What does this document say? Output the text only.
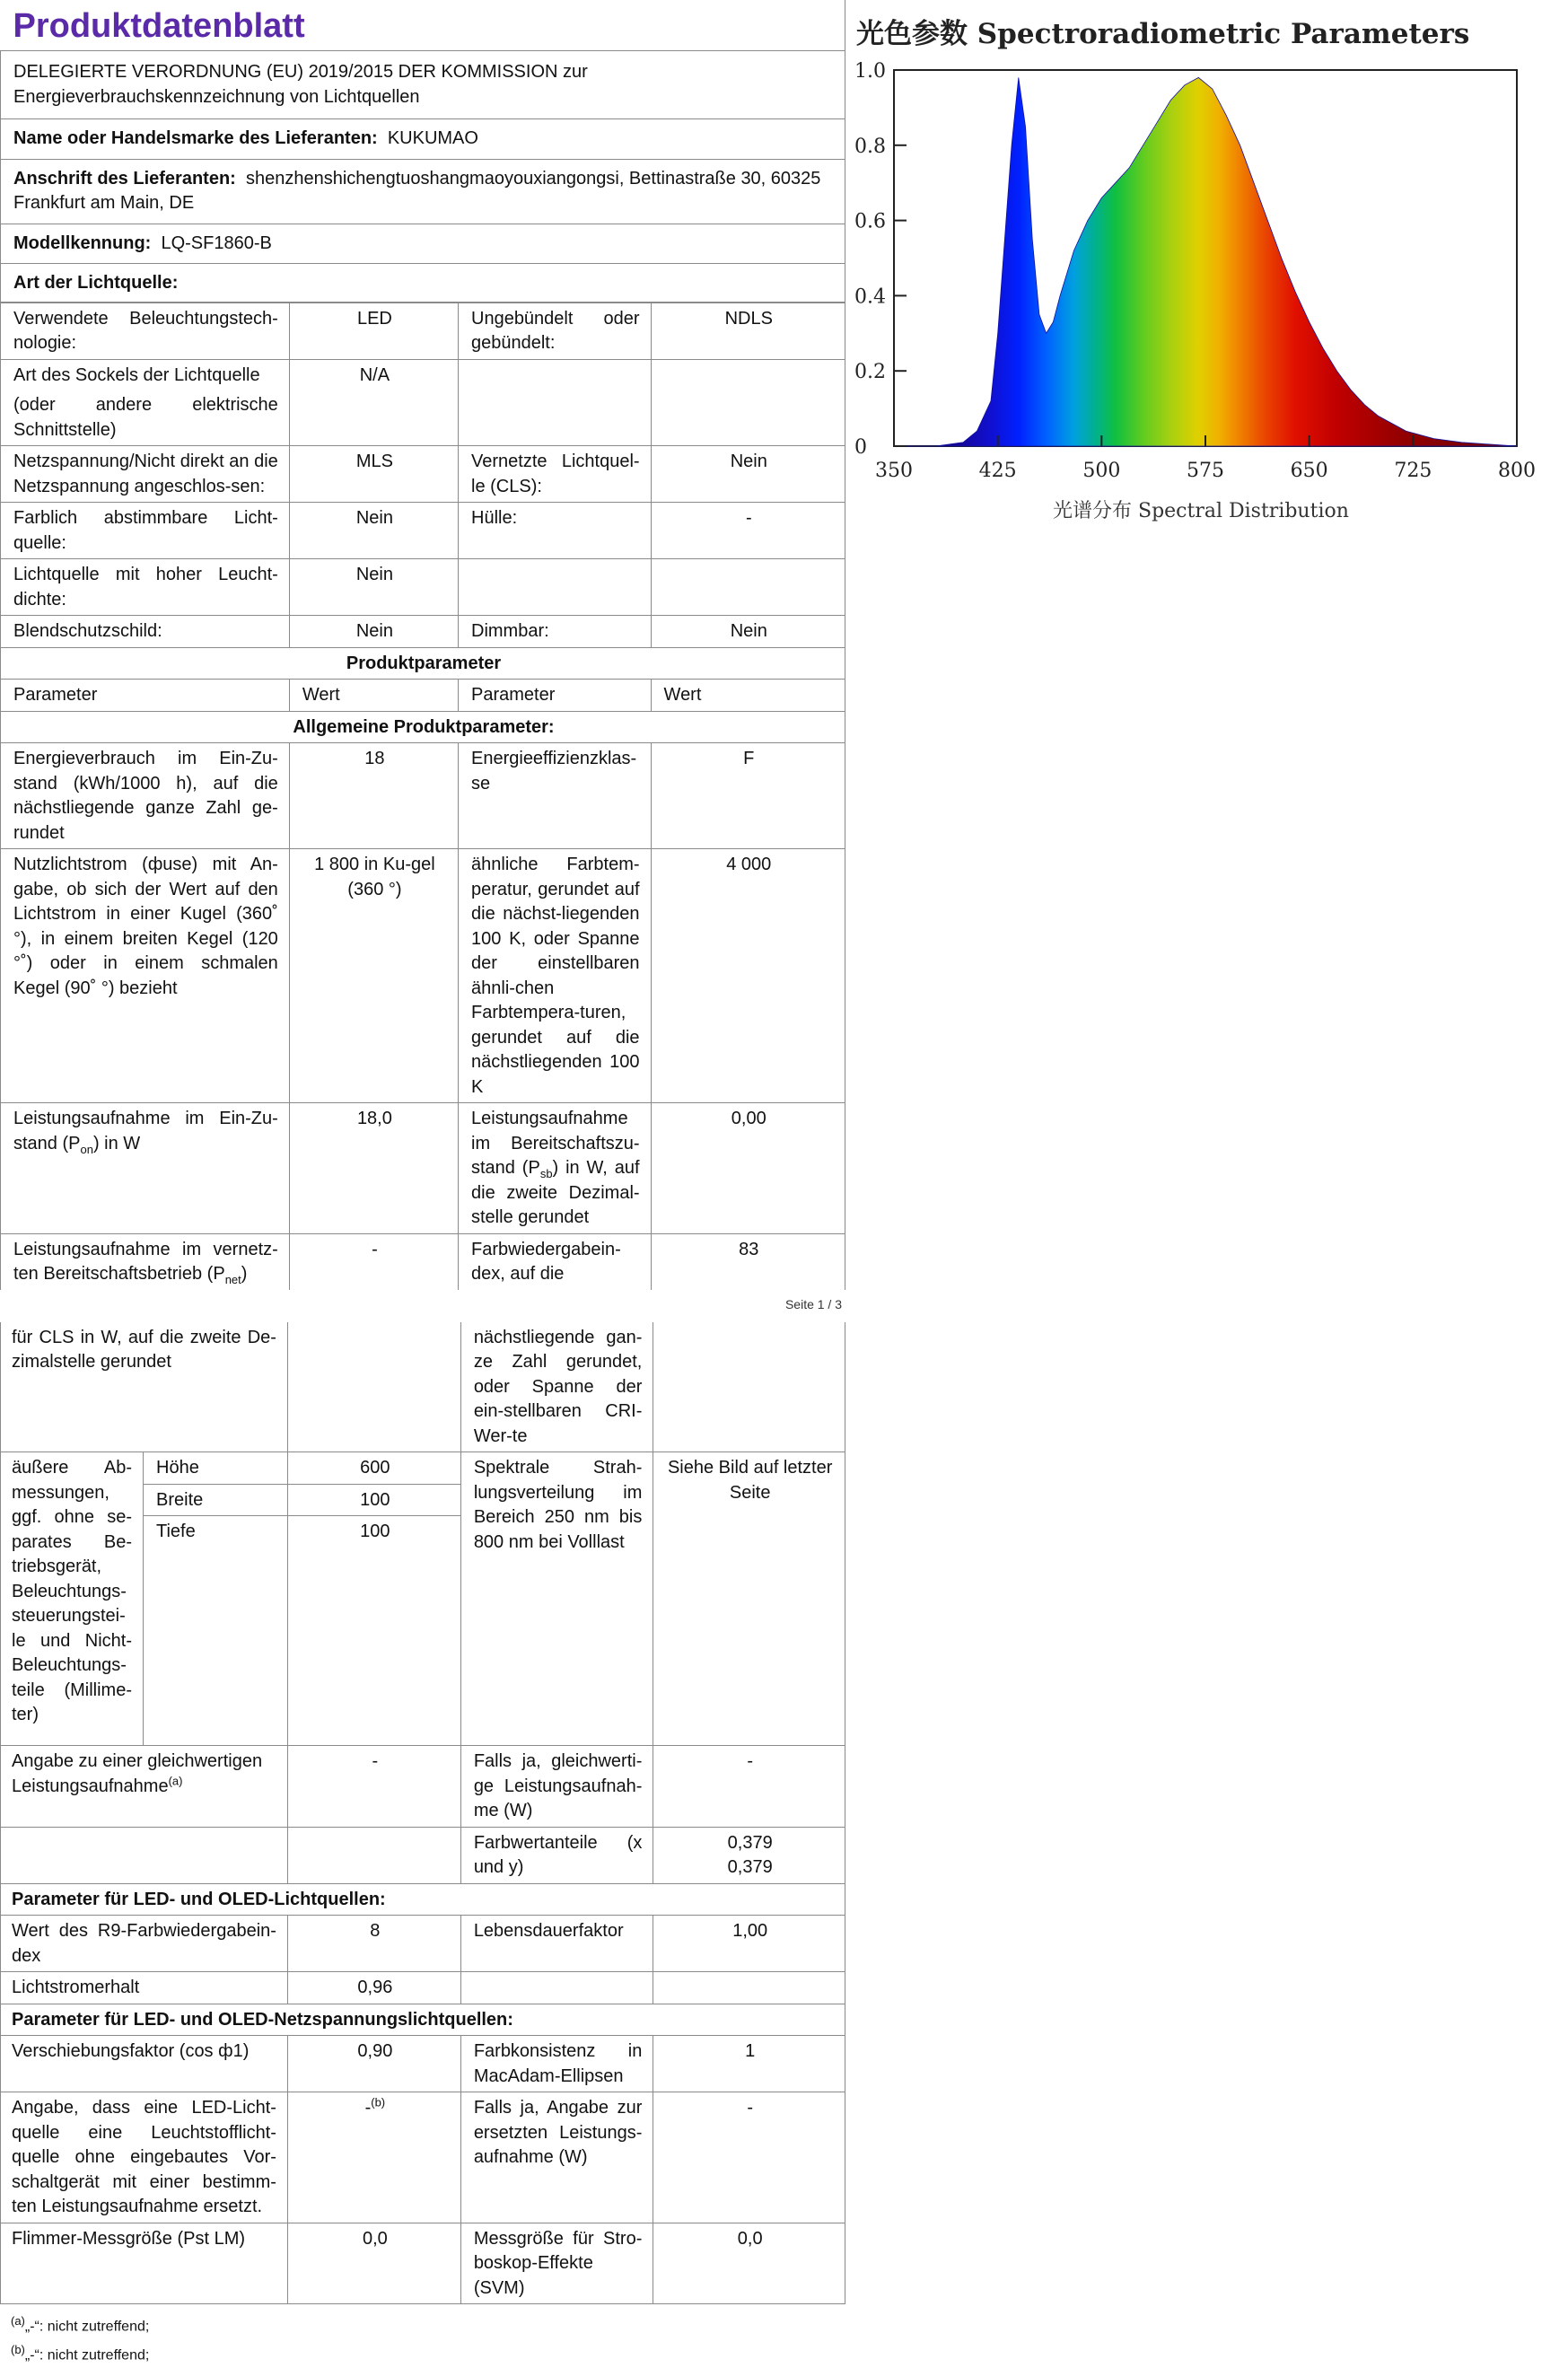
Produktdatenblatt
DELEGIERTE VERORDNUNG (EU) 2019/2015 DER KOMMISSION zur Energieverbrauchskennzeichnung von Lichtquellen
Name oder Handelsmarke des Lieferanten: KUKUMAO
Anschrift des Lieferanten: shenzhenshichengtuoshangmaoyouxiangongsi, Bettinastraße 30, 60325 Frankfurt am Main, DE
Modellkennung: LQ-SF1860-B
Art der Lichtquelle:
Verwendete Beleuchtungstech-nologie:	LED	Ungebündelt oder gebündelt:	NDLS

Art des Sockels der Lichtquelle
(oder andere elektrische Schnittstelle)	N/A		
Netzspannung/Nicht direkt an die Netzspannung angeschlos-sen:	MLS	Vernetzte Lichtquel-le (CLS):	Nein
Farblich abstimmbare Licht-quelle:	Nein	Hülle:	-
Lichtquelle mit hoher Leucht-dichte:	Nein		
Blendschutzschild:	Nein	Dimmbar:	Nein
Produktparameter			
Parameter	Wert	Parameter	Wert
Allgemeine Produktparameter:			
Energieverbrauch im Ein-Zu-stand (kWh/1000 h), auf die nächstliegende ganze Zahl ge-rundet	18	Energieeffizienzklas-se	F
Nutzlichtstrom (фuse) mit An-gabe, ob sich der Wert auf den Lichtstrom in einer Kugel (360˚ °), in einem breiten Kegel (120 °˚) oder in einem schmalen Kegel (90˚ °) bezieht	1 800 in Ku-gel (360 °)	ähnliche Farbtem-peratur, gerundet auf die nächst-liegenden 100 K, oder Spanne der einstellbaren ähnli-chen Farbtempera-turen, gerundet auf die nächstliegenden 100 K	4 000
Leistungsaufnahme im Ein-Zu-stand $(P_{on})$ in W	18,0	Leistungsaufnahme im Bereitschaftszu-stand $(P_{sb})$ in W, auf die zweite Dezimal-stelle gerundet	0,00
Leistungsaufnahme im vernetz-ten Bereitschaftsbetrieb $(P_{net})$	-	Farbwiedergabein-dex, auf die	83
Seite 1 / 3
für CLS in W, auf die zweite De-zimalstelle gerundet			nächstliegende gan-ze Zahl gerundet, oder Spanne der ein-stellbaren CRI-Wer-te	
äußere Ab-messungen, ggf. ohne se-parates Be-triebsgerät, Beleuchtungs-steuerungstei-le und Nicht-Beleuchtungs-teile (Millime-ter)	Höhe	600	Spektrale Strah-lungsverteilung im Bereich 250 nm bis 800 nm bei Volllast	Siehe Bild auf letzter Seite
	Breite	100		
	Tiefe	100		
Angabe zu einer gleichwertigen Leistungsaufnahme$^{(a)}$		-	Falls ja, gleichwerti-ge Leistungsaufnah-me (W)	-
			Farbwertanteile (x und y)	0,379
0,379

Parameter für LED- und OLED-Lichtquellen:				
Wert des R9-Farbwiedergabein-dex		8	Lebensdauerfaktor	1,00
Lichtstromerhalt		0,96		
Parameter für LED- und OLED-Netzspannungslichtquellen:				
Verschiebungsfaktor (cos ф1)		0,90	Farbkonsistenz in MacAdam-Ellipsen	1
Angabe, dass eine LED-Licht-quelle eine Leuchtstofflicht-quelle ohne eingebautes Vor-schaltgerät mit einer bestimm-ten Leistungsaufnahme ersetzt.		-$^{(b)}$	Falls ja, Angabe zur ersetzten Leistungs-aufnahme (W)	-
Flimmer-Messgröße (Pst LM)		0,0	Messgröße für Stro-boskop-Effekte (SVM)	0,0
$^{(a)}$„-“: nicht zutreffend;
$^{(b)}$„-“: nicht zutreffend;
光色参数 Spectroradiometric Parameters
0
0.2
0.4
0.6
0.8
1.0
350	425	500	575	650	725	800
光谱分布 Spectral Distribution
